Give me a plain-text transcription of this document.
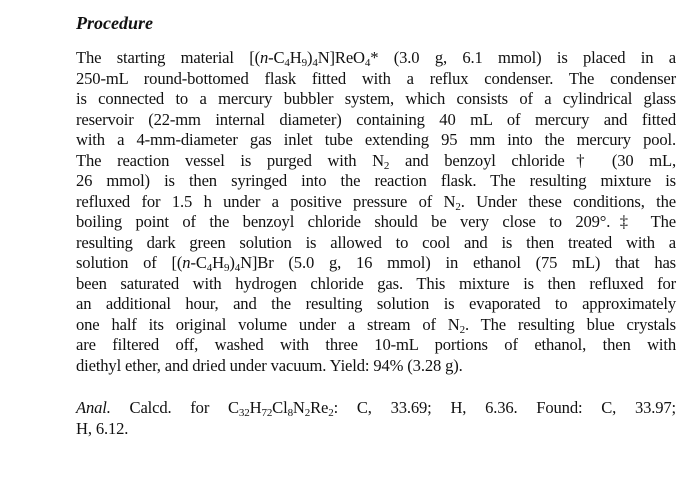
Procedure
The starting material $[(n-C_4H_9)_4N]ReO_4*$ (3.0 g, 6.1 mmol) is placed in a
250-mL round-bottomed flask fitted with a reflux condenser. The condenser
is connected to a mercury bubbler system, which consists of a cylindrical glass
reservoir (22-mm internal diameter) containing 40 mL of mercury and fitted
with a 4-mm-diameter gas inlet tube extending 95 mm into the mercury pool.
The reaction vessel is purged with $N_2$ and benzoyl chloride† (30 mL,
26 mmol) is then syringed into the reaction flask. The resulting mixture is
refluxed for 1.5 h under a positive pressure of $N_2$. Under these conditions, the
boiling point of the benzoyl chloride should be very close to 209°.‡ The
resulting dark green solution is allowed to cool and is then treated with a
solution of $[(n-C_4H_9)_4N]Br$ (5.0 g, 16 mmol) in ethanol (75 mL) that has
been saturated with hydrogen chloride gas. This mixture is then refluxed for
an additional hour, and the resulting solution is evaporated to approximately
one half its original volume under a stream of $N_2$. The resulting blue crystals
are filtered off, washed with three 10-mL portions of ethanol, then with
diethyl ether, and dried under vacuum. Yield: 94% (3.28 g).
Anal. Calcd. for $C_{32}H_{72}Cl_8N_2Re_2$: C, 33.69; H, 6.36. Found: C, 33.97;
H, 6.12.
